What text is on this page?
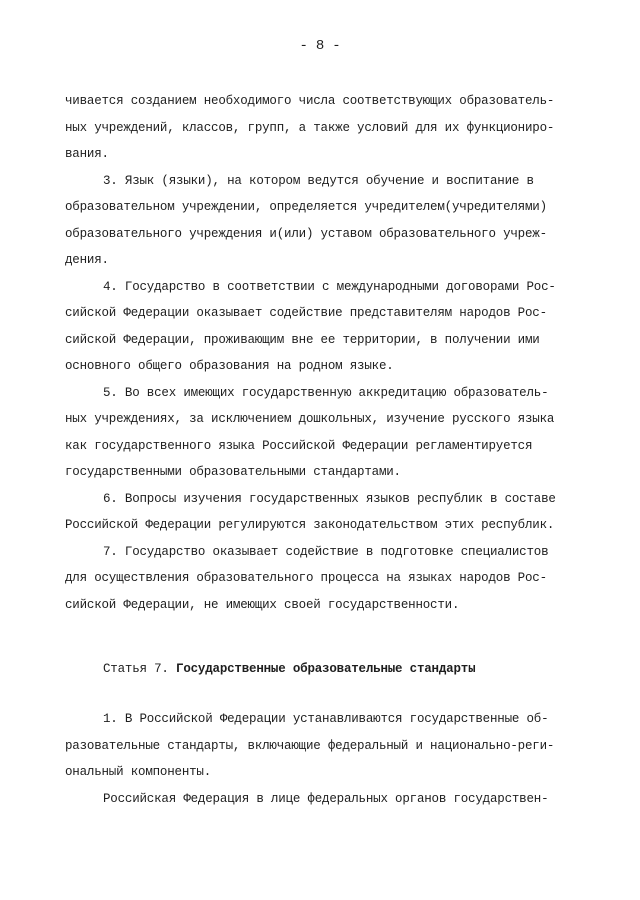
- 8 -

чивается созданием необходимого числа соответствующих образователь-

ных учреждений, классов, групп, а также условий для их функциониро-

вания.

3. Язык (языки), на котором ведутся обучение и воспитание в

образовательном учреждении, определяется учредителем(учредителями)

образовательного учреждения и(или) уставом образовательного учреж-

дения.

4. Государство в соответствии с международными договорами Рос-

сийской Федерации оказывает содействие представителям народов Рос-

сийской Федерации, проживающим вне ее территории, в получении ими

основного общего образования на родном языке.

5. Во всех имеющих государственную аккредитацию образователь-

ных учреждениях, за исключением дошкольных, изучение русского языка

как государственного языка Российской Федерации регламентируется

государственными образовательными стандартами.

6. Вопросы изучения государственных языков республик в составе

Российской Федерации регулируются законодательством этих республик.

7. Государство оказывает содействие в подготовке специалистов

для осуществления образовательного процесса на языках народов Рос-

сийской Федерации, не имеющих своей государственности.

Статья 7. Государственные образовательные стандарты

1. В Российской Федерации устанавливаются государственные об-

разовательные стандарты, включающие федеральный и национально-реги-

ональный компоненты.

Российская Федерация в лице федеральных органов государствен-
